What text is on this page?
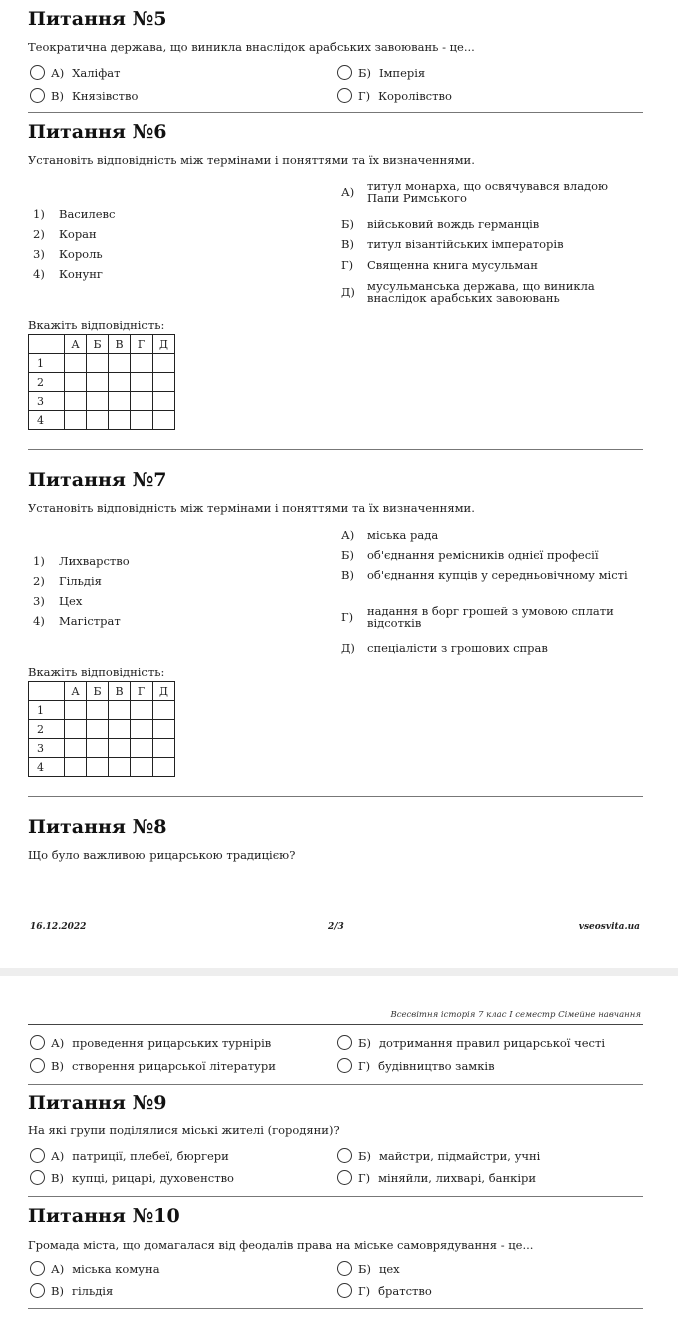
Питання №5
Теократична держава, що виникла внаслідок арабських завоювань - це...
Питання №6
Установіть відповідність між термінами і поняттями та їх визначеннями.
Вкажіть відповідність:
	А	Б	В	Г	Д
1					
2					
3					
4					
Питання №7
Установіть відповідність між термінами і поняттями та їх визначеннями.
Вкажіть відповідність:
	А	Б	В	Г	Д
1					
2					
3					
4					
Питання №8
Що було важливою рицарською традицією?
16.12.2022	2/3	vseosvita.ua
Всесвітня історія 7 клас І семестр Сімейне навчання
Питання №9
На які групи поділялися міські жителі (городяни)?
Питання №10
Громада міста, що домагалася від феодалів права на міське самоврядування - це...
А) Халіфат	Б) Імперія
В) Князівство	Г) Королівство
А) проведення рицарських турнірів	Б) дотримання правил рицарської честі
В) створення рицарської літератури	Г) будівництво замків
А) патриції, плебеї, бюргери	Б) майстри, підмайстри, учні
В) купці, рицарі, духовенство	Г) міняйли, лихварі, банкіри
А) міська комуна	Б) цех
В) гільдія	Г) братство
1)	Василевс
2)	Коран
3)	Король
4)	Конунг
А)	титул монарха, що освячувався владою Папи Римського
Б)	військовий вождь германців
В)	титул візантійських імператорів
Г)	Священна книга мусульман
Д)	мусульманська держава, що виникла внаслідок арабських завоювань
1)	Лихварство
2)	Гільдія
3)	Цех
4)	Магістрат
А)	міська рада
Б)	об'єднання ремісників однієї професії
В)	об'єднання купців у середньовічному місті
Г)	надання в борг грошей з умовою сплати відсотків
Д)	спеціалісти з грошових справ
